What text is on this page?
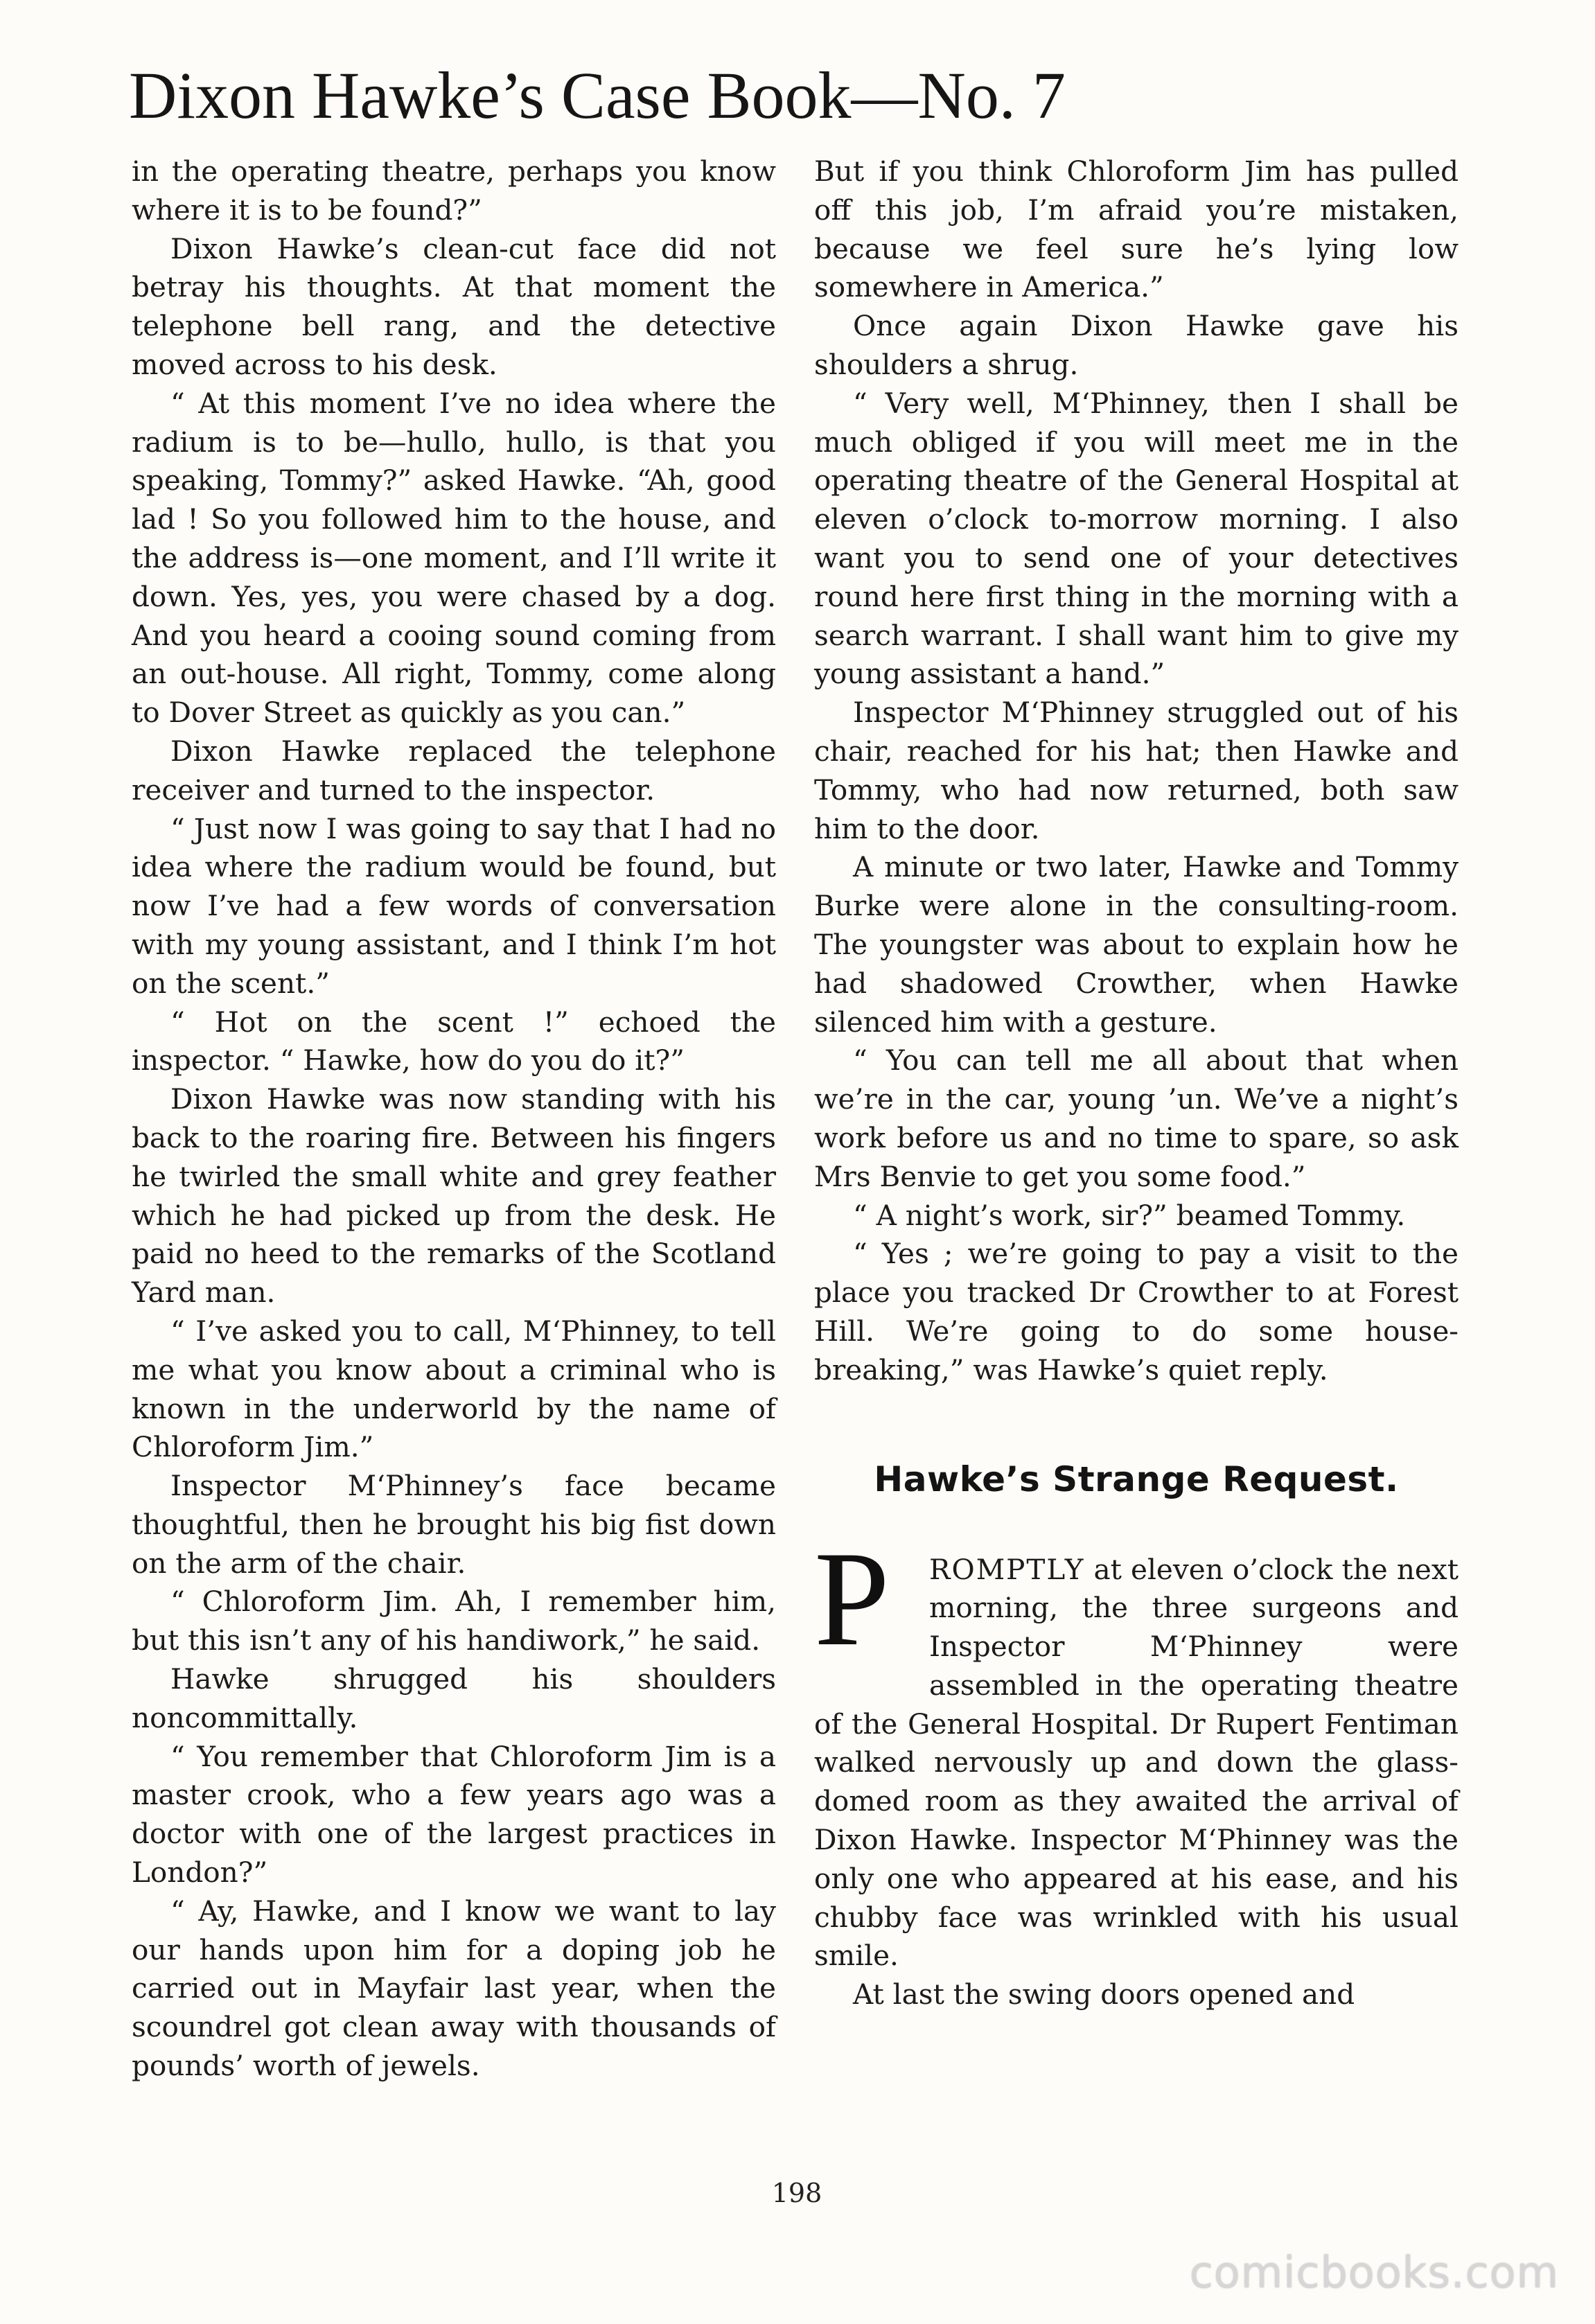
Dixon Hawke’s Case Book—No. 7

in the operating theatre, perhaps you know where it is to be found?”

Dixon Hawke’s clean-cut face did not betray his thoughts. At that moment the telephone bell rang, and the detective moved across to his desk.

“ At this moment I’ve no idea where the radium is to be—hullo, hullo, is that you speaking, Tommy?” asked Hawke. “Ah, good lad ! So you followed him to the house, and the address is—one moment, and I’ll write it down. Yes, yes, you were chased by a dog. And you heard a cooing sound coming from an out-house. All right, Tommy, come along to Dover Street as quickly as you can.”

Dixon Hawke replaced the telephone receiver and turned to the inspector.

“ Just now I was going to say that I had no idea where the radium would be found, but now I’ve had a few words of conversation with my young assistant, and I think I’m hot on the scent.”

“ Hot on the scent !” echoed the inspector. “ Hawke, how do you do it?”

Dixon Hawke was now standing with his back to the roaring fire. Between his fingers he twirled the small white and grey feather which he had picked up from the desk. He paid no heed to the remarks of the Scotland Yard man.

“ I’ve asked you to call, M‘Phinney, to tell me what you know about a criminal who is known in the underworld by the name of Chloroform Jim.”

Inspector M‘Phinney’s face became thoughtful, then he brought his big fist down on the arm of the chair.

“ Chloroform Jim. Ah, I remember him, but this isn’t any of his handiwork,” he said.

Hawke shrugged his shoulders noncommittally.

“ You remember that Chloroform Jim is a master crook, who a few years ago was a doctor with one of the largest practices in London?”

“ Ay, Hawke, and I know we want to lay our hands upon him for a doping job he carried out in Mayfair last year, when the scoundrel got clean away with thousands of pounds’ worth of jewels.

But if you think Chloroform Jim has pulled off this job, I’m afraid you’re mistaken, because we feel sure he’s lying low somewhere in America.”

Once again Dixon Hawke gave his shoulders a shrug.

“ Very well, M‘Phinney, then I shall be much obliged if you will meet me in the operating theatre of the General Hospital at eleven o’clock to-morrow morning. I also want you to send one of your detectives round here first thing in the morning with a search warrant. I shall want him to give my young assistant a hand.”

Inspector M‘Phinney struggled out of his chair, reached for his hat; then Hawke and Tommy, who had now returned, both saw him to the door.

A minute or two later, Hawke and Tommy Burke were alone in the consulting-room. The youngster was about to explain how he had shadowed Crowther, when Hawke silenced him with a gesture.

“ You can tell me all about that when we’re in the car, young ’un. We’ve a night’s work before us and no time to spare, so ask Mrs Benvie to get you some food.”

“ A night’s work, sir?” beamed Tommy.

“ Yes ; we’re going to pay a visit to the place you tracked Dr Crowther to at Forest Hill. We’re going to do some house-breaking,” was Hawke’s quiet reply.

Hawke’s Strange Request.
P	ROMPTLY at eleven o’clock the next morning, the three surgeons and Inspector M‘Phinney were assembled in the operating theatre of the General Hospital. Dr Rupert Fentiman walked nervously up and down the glass-domed room as they awaited the arrival of Dixon Hawke. Inspector M‘Phinney was the only one who appeared at his ease, and his chubby face was wrinkled with his usual smile.

At last the swing doors opened and

198
comicbooks.com
